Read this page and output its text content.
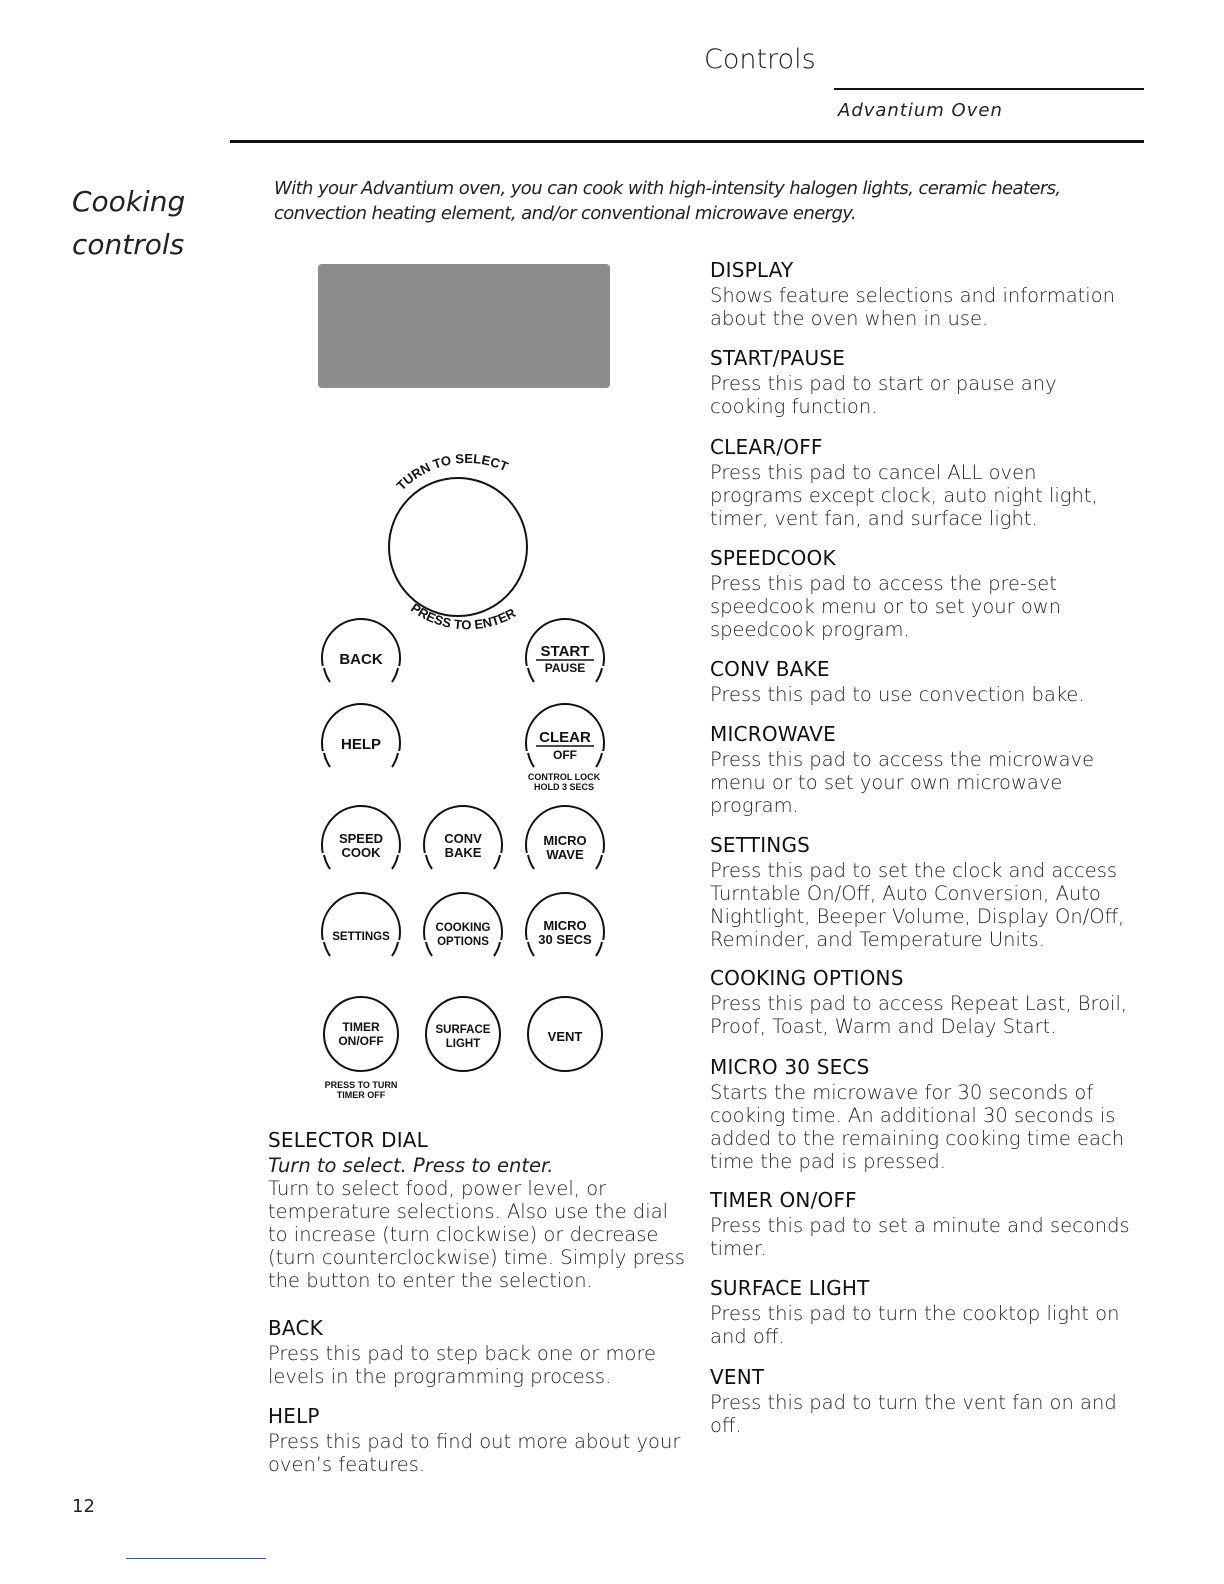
Controls
Advantium Oven
Cooking
controls
With your Advantium oven, you can cook with high-intensity halogen lights, ceramic heaters, convection heating element, and/or conventional microwave energy.
TURN TO SELECT
PRESS TO ENTER
BACK	START
PAUSE
HELP	CLEAR
OFF
CONTROL LOCK
HOLD 3 SECS
SPEED
COOK
CONV
BAKE
MICRO
WAVE
SETTINGS
COOKING
OPTIONS
MICRO
30 SECS
TIMER
ON/OFF
SURFACE
LIGHT	VENT
PRESS TO TURN
TIMER OFF
SELECTOR DIAL

Turn to select. Press to enter.

Turn to select food, power level, or temperature selections. Also use the dial to increase (turn clockwise) or decrease (turn counterclockwise) time. Simply press the button to enter the selection.

BACK

Press this pad to step back one or more levels in the programming process.

HELP

Press this pad to find out more about your oven’s features.

DISPLAY

Shows feature selections and information about the oven when in use.

START/PAUSE

Press this pad to start or pause any cooking function.

CLEAR/OFF

Press this pad to cancel ALL oven programs except clock, auto night light, timer, vent fan, and surface light.

SPEEDCOOK

Press this pad to access the pre-set speedcook menu or to set your own speedcook program.

CONV BAKE

Press this pad to use convection bake.

MICROWAVE

Press this pad to access the microwave menu or to set your own microwave program.

SETTINGS

Press this pad to set the clock and access Turntable On/Off, Auto Conversion, Auto Nightlight, Beeper Volume, Display On/Off, Reminder, and Temperature Units.

COOKING OPTIONS

Press this pad to access Repeat Last, Broil, Proof, Toast, Warm and Delay Start.

MICRO 30 SECS

Starts the microwave for 30 seconds of cooking time. An additional 30 seconds is added to the remaining cooking time each time the pad is pressed.

TIMER ON/OFF

Press this pad to set a minute and seconds timer.

SURFACE LIGHT

Press this pad to turn the cooktop light on and off.

VENT

Press this pad to turn the vent fan on and off.

12
